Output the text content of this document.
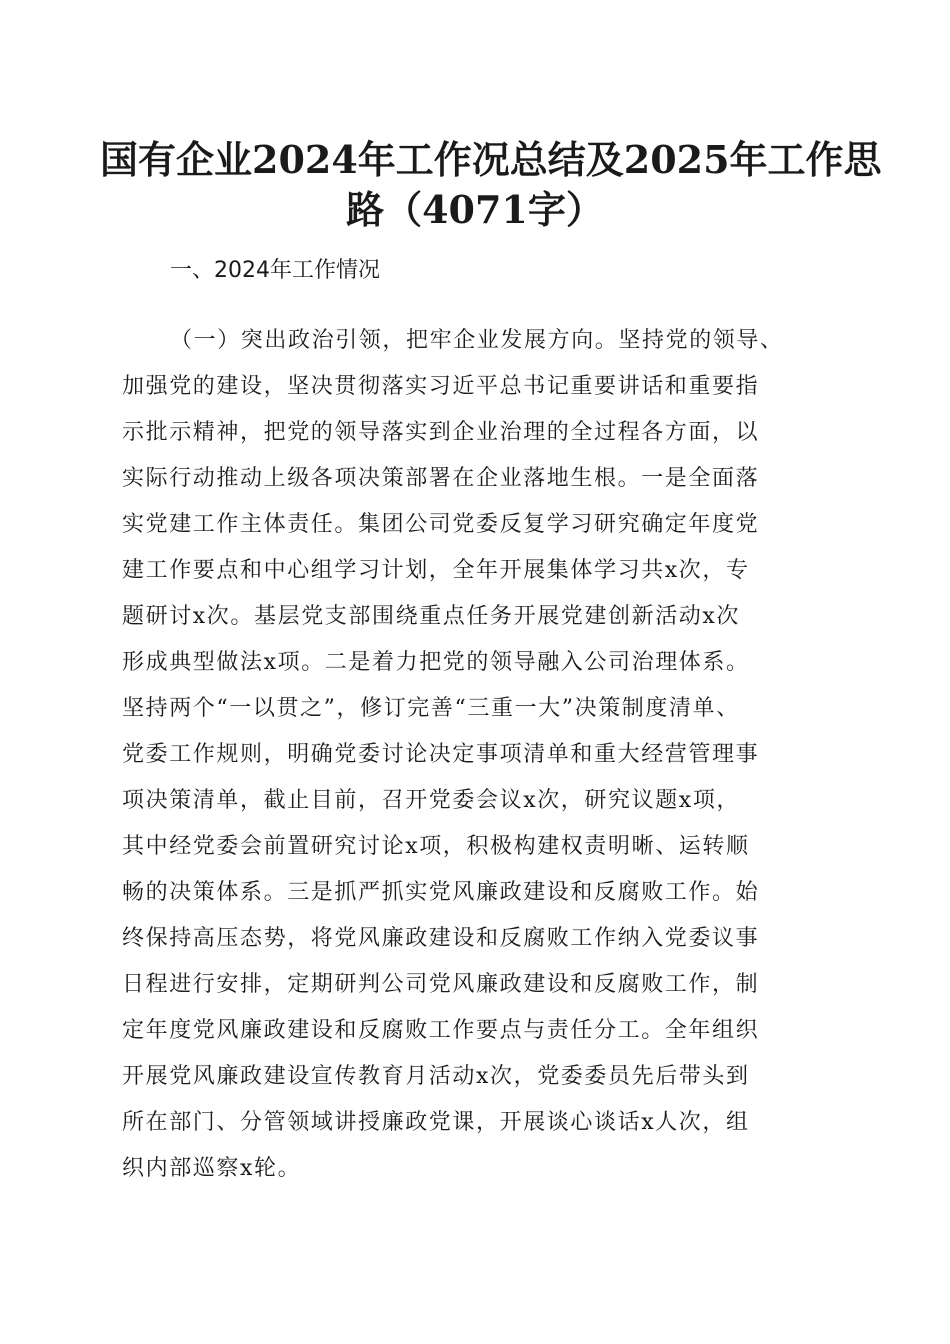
国有企业2024年工作况总结及2025年工作思
路（4071字）
一、2024年工作情况
（一）突出政治引领，把牢企业发展方向。坚持党的领导、
加强党的建设，坚决贯彻落实习近平总书记重要讲话和重要指
示批示精神，把党的领导落实到企业治理的全过程各方面，以
实际行动推动上级各项决策部署在企业落地生根。一是全面落
实党建工作主体责任。集团公司党委反复学习研究确定年度党
建工作要点和中心组学习计划，全年开展集体学习共x次，专
题研讨x次。基层党支部围绕重点任务开展党建创新活动x次
形成典型做法x项。二是着力把党的领导融入公司治理体系。
坚持两个“一以贯之”，修订完善“三重一大”决策制度清单、
党委工作规则，明确党委讨论决定事项清单和重大经营管理事
项决策清单，截止目前，召开党委会议x次，研究议题x项，
其中经党委会前置研究讨论x项，积极构建权责明晰、运转顺
畅的决策体系。三是抓严抓实党风廉政建设和反腐败工作。始
终保持高压态势，将党风廉政建设和反腐败工作纳入党委议事
日程进行安排，定期研判公司党风廉政建设和反腐败工作，制
定年度党风廉政建设和反腐败工作要点与责任分工。全年组织
开展党风廉政建设宣传教育月活动x次，党委委员先后带头到
所在部门、分管领域讲授廉政党课，开展谈心谈话x人次，组
织内部巡察x轮。
